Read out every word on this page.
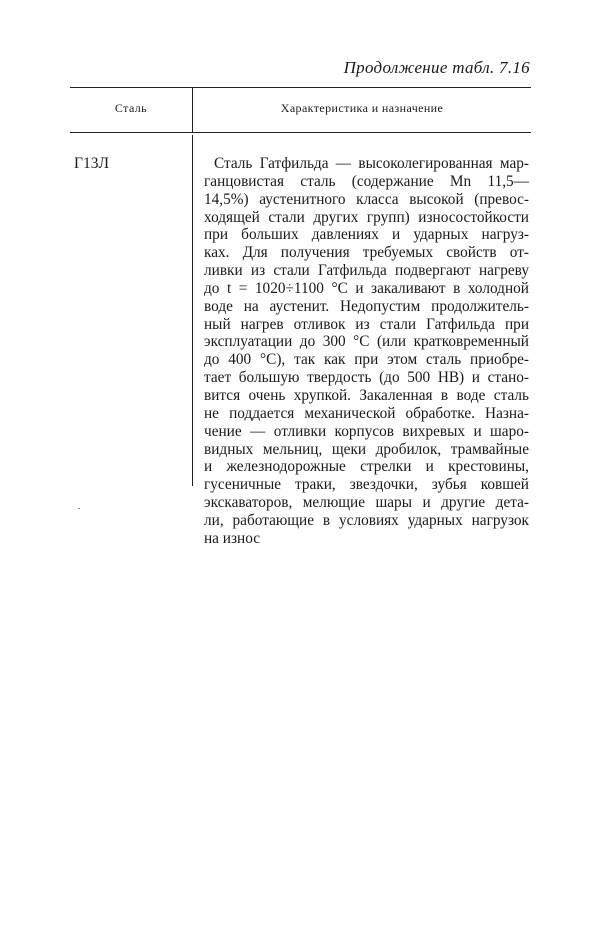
Продолжение табл. 7.16
Сталь	Характеристика и назначение
Г13Л	Сталь Гатфильда — высоколегированная мар-
ганцовистая сталь (содержание Mn 11,5—
14,5%) аустенитного класса высокой (превос-
ходящей стали других групп) износостойкости
при больших давлениях и ударных нагруз-
ках. Для получения требуемых свойств от-
ливки из стали Гатфильда подвергают нагреву
до t = 1020÷1100 °C и закаливают в холодной
воде на аустенит. Недопустим продолжитель-
ный нагрев отливок из стали Гатфильда при
эксплуатации до 300 °C (или кратковременный
до 400 °C), так как при этом сталь приобре-
тает большую твердость (до 500 НВ) и стано-
вится очень хрупкой. Закаленная в воде сталь
не поддается механической обработке. Назна-
чение — отливки корпусов вихревых и шаро-
видных мельниц, щеки дробилок, трамвайные
и железнодорожные стрелки и крестовины,
гусеничные траки, звездочки, зубья ковшей
экскаваторов, мелющие шары и другие дета-
ли, работающие в условиях ударных нагрузок
на износ
